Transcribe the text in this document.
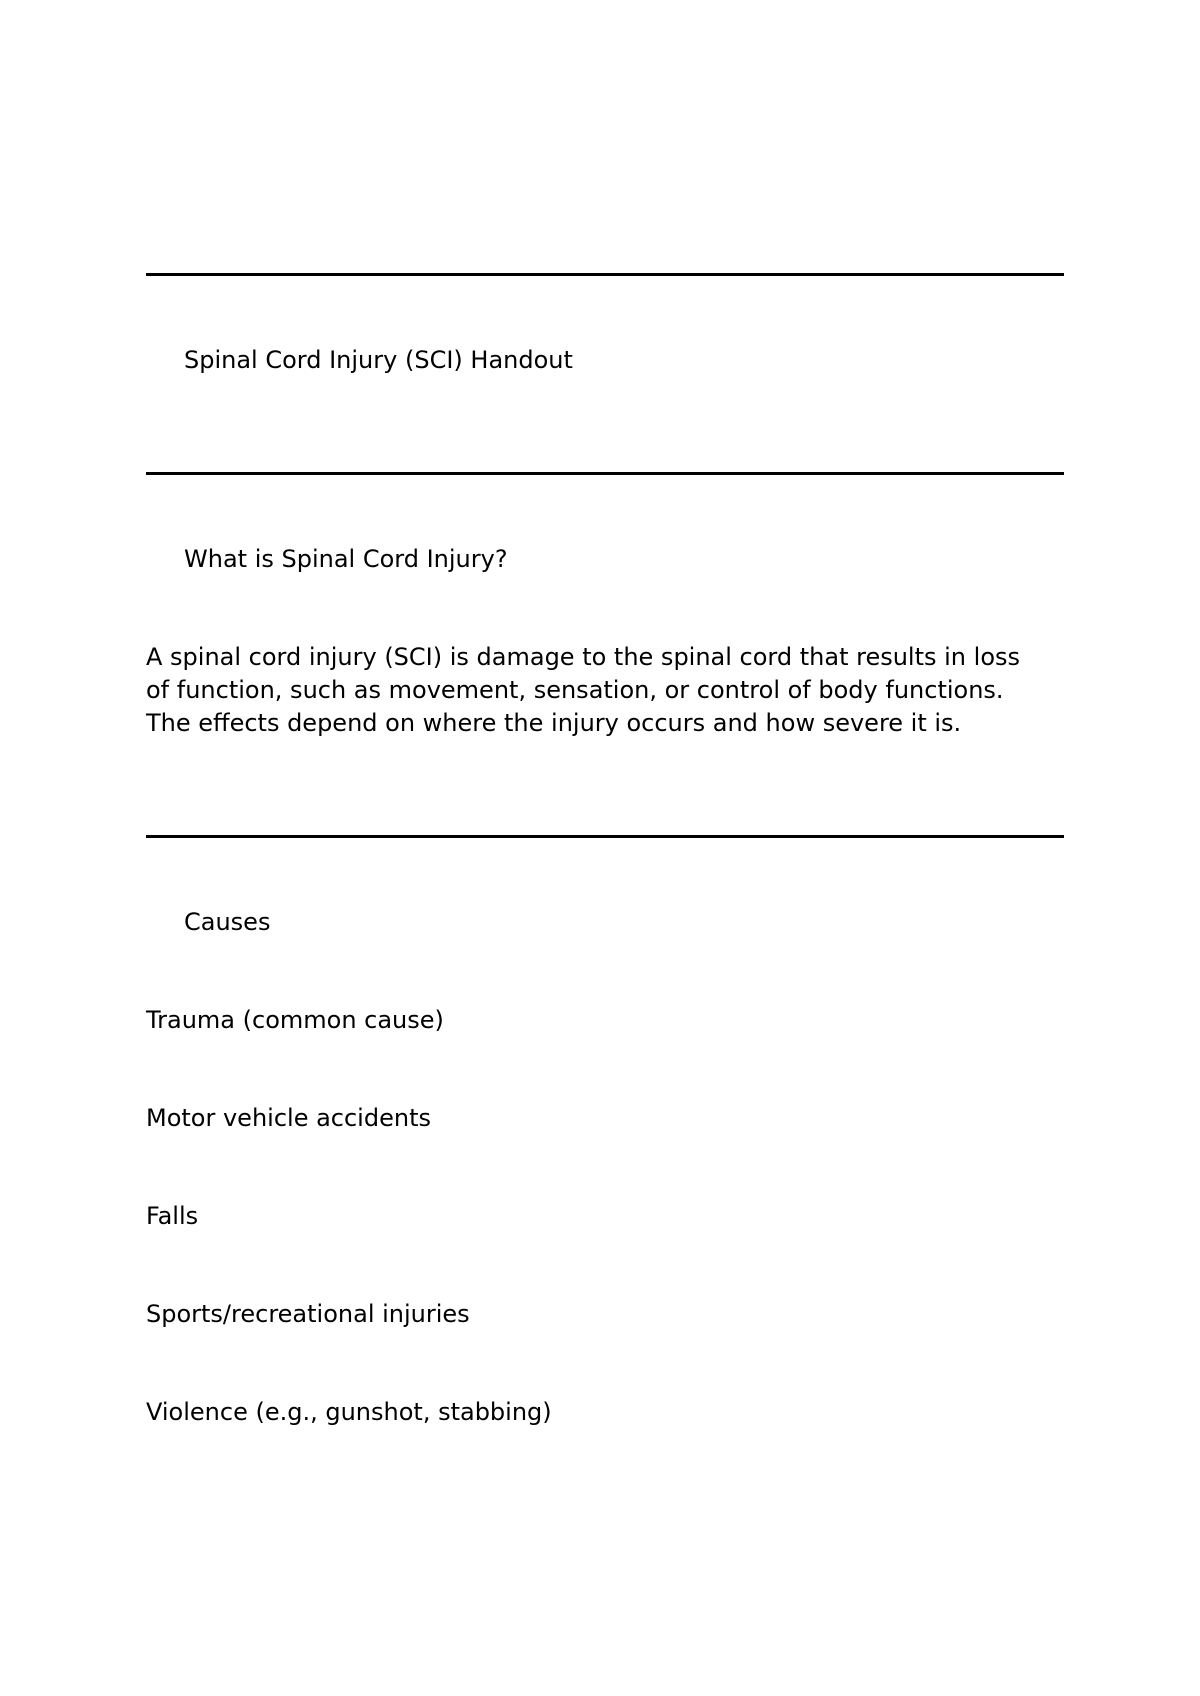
Spinal Cord Injury (SCI) Handout
What is Spinal Cord Injury?

A spinal cord injury (SCI) is damage to the spinal cord that results in loss

of function, such as movement, sensation, or control of body functions.

The effects depend on where the injury occurs and how severe it is.

Causes
Trauma (common cause)
Motor vehicle accidents
Falls
Sports/recreational injuries
Violence (e.g., gunshot, stabbing)
